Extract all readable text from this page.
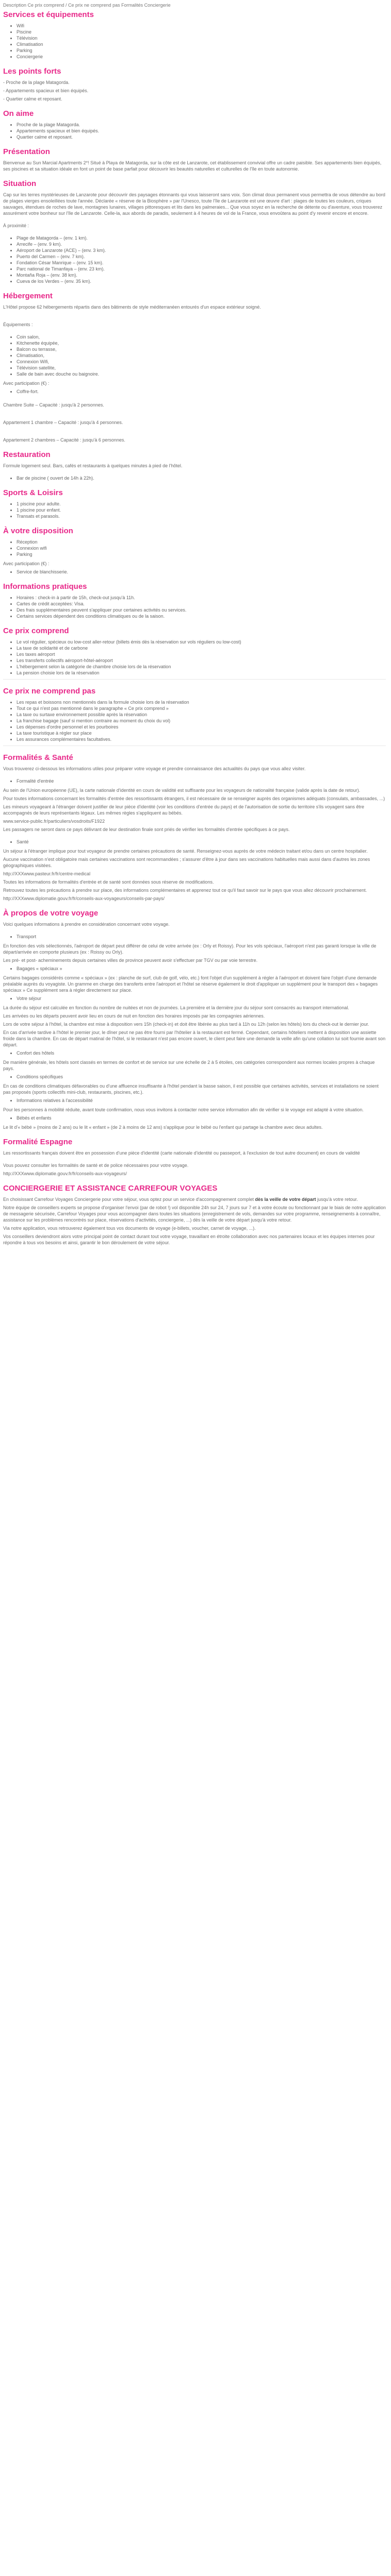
Description Ce prix comprend / Ce prix ne comprend pas Formalités Conciergerie
Services et équipements
• Wifi
• Piscine
• Télévision
• Climatisation
• Parking
• Conciergerie
Les points forts

- Proche de la plage Matagorda.

- Appartements spacieux et bien équipés.

- Quartier calme et reposant.

On aime
• Proche de la plage Matagorda.
• Appartements spacieux et bien équipés.
• Quartier calme et reposant.
Présentation

Bienvenue au Sun Marcial Apartments 2*! Situé à Playa de Matagorda, sur la côte est de Lanzarote, cet établissement convivial offre un cadre paisible. Ses appartements bien équipés, ses piscines et sa situation idéale en font un point de base parfait pour découvrir les beautés naturelles et culturelles de l'île en toute autonomie.

Situation

Cap sur les terres mystérieuses de Lanzarote pour découvrir des paysages étonnants qui vous laisseront sans voix. Son climat doux permanent vous permettra de vous détendre au bord de plages vierges ensoleillées toute l'année. Déclarée « réserve de la Biosphère » par l'Unesco, toute l'île de Lanzarote est une œuvre d'art : plages de toutes les couleurs, criques sauvages, étendues de roches de lave, montagnes lunaires, villages pittoresques et lits dans les palmeraies... Que vous soyez en la recherche de détente ou d'aventure, vous trouverez assurément votre bonheur sur l'île de Lanzarote. Celle-la, aux abords de paradis, seulement à 4 heures de vol de la France, vous envoûtera au point d'y revenir encore et encore.

À proximité :

• Plage de Matagorda – (env. 1 km).
• Arrecife – (env. 9 km).
• Aéroport de Lanzarote (ACE) – (env. 3 km).
• Puerto del Carmen – (env. 7 km).
• Fondation César Manrique – (env. 15 km).
• Parc national de Timanfaya – (env. 23 km).
• Montaña Roja – (env. 38 km).
• Cueva de los Verdes – (env. 35 km).
Hébergement

L'Hôtel propose 62 hébergements répartis dans des bâtiments de style méditerranéen entourés d'un espace extérieur soigné.

Équipements :

• Coin salon,
• Kitchenette équipée,
• Balcon ou terrasse,
• Climatisation,
• Connexion Wifi,
• Télévision satellite,
• Salle de bain avec douche ou baignoire.

Avec participation (€) :

• Coffre-fort.

Chambre Suite – Capacité : jusqu'à 2 personnes.

Appartement 1 chambre – Capacité : jusqu'à 4 personnes.

Appartement 2 chambres – Capacité : jusqu'à 6 personnes.

Restauration

Formule logement seul. Bars, cafés et restaurants à quelques minutes à pied de l'hôtel.

• Bar de piscine ( ouvert de 14h à 22h).
Sports & Loisirs
• 1 piscine pour adulte.
• 1 piscine pour enfant.
• Transats et parasols.
À votre disposition
• Réception
• Connexion wifi
• Parking

Avec participation (€) :

• Service de blanchisserie.
Informations pratiques
• Horaires : check-in à partir de 15h, check-out jusqu'à 11h.
• Cartes de crédit acceptées: Visa.
• Des frais supplémentaires peuvent s'appliquer pour certaines activités ou services.
• Certains services dépendent des conditions climatiques ou de la saison.
Ce prix comprend
• Le vol régulier, spécieux ou low-cost aller-retour (billets émis dès la réservation sur vols réguliers ou low-cost)
• La taxe de solidarité et de carbone
• Les taxes aéroport
• Les transferts collectifs aéroport-hôtel-aéroport
• L'hébergement selon la catégorie de chambre choisie lors de la réservation
• La pension choisie lors de la réservation
Ce prix ne comprend pas
• Les repas et boissons non mentionnés dans la formule choisie lors de la réservation
• Tout ce qui n'est pas mentionné dans le paragraphe « Ce prix comprend »
• La taxe ou surtaxe environnement possible après la réservation
• La franchise bagage (sauf si mention contraire au moment du choix du vol)
• Les dépenses d'ordre personnel et les pourboires
• La taxe touristique à régler sur place
• Les assurances complémentaires facultatives.
Formalités & Santé

Vous trouverez ci-dessous les informations utiles pour préparer votre voyage et prendre connaissance des actualités du pays que vous allez visiter.

• Formalité d'entrée

Au sein de l'Union européenne (UE), la carte nationale d'identité en cours de validité est suffisante pour les voyageurs de nationalité française (valide après la date de retour).

Pour toutes informations concernant les formalités d'entrée des ressortissants étrangers, il est nécessaire de se renseigner auprès des organismes adéquats (consulats, ambassades, ...)

Les mineurs voyageant à l'étranger doivent justifier de leur pièce d'identité (voir les conditions d'entrée du pays) et de l'autorisation de sortie du territoire s'ils voyagent sans être accompagnés de leurs représentants légaux. Les mêmes règles s'appliquent au bébés.

www.service-public.fr/particuliers/vosdroits/F1922

Les passagers ne seront dans ce pays délivrant de leur destination finale sont priés de vérifier les formalités d'entrée spécifiques à ce pays.

• Santé

Un séjour à l'étranger implique pour tout voyageur de prendre certaines précautions de santé. Renseignez-vous auprès de votre médecin traitant et/ou dans un centre hospitalier.

Aucune vaccination n'est obligatoire mais certaines vaccinations sont recommandées ; s'assurer d'être à jour dans ses vaccinations habituelles mais aussi dans d'autres les zones géographiques visitées.

http://XXXwww.pasteur.fr/fr/centre-medical

Toutes les informations de formalités d'entrée et de santé sont données sous réserve de modifications.

Retrouvez toutes les précautions à prendre sur place, des informations complémentaires et apprenez tout ce qu'il faut savoir sur le pays que vous allez découvrir prochainement.

http://XXXwww.diplomatie.gouv.fr/fr/conseils-aux-voyageurs/conseils-par-pays/

À propos de votre voyage

Voici quelques informations à prendre en considération concernant votre voyage.

• Transport

En fonction des vols sélectionnés, l'aéroport de départ peut différer de celui de votre arrivée (ex : Orly et Roissy). Pour les vols spéciaux, l'aéroport n'est pas garanti lorsque la ville de départ/arrivée en comporte plusieurs (ex : Roissy ou Orly).

Les pré- et post- acheminements depuis certaines villes de province peuvent avoir s'effectuer par TGV ou par voie terrestre.

• Bagages « spéciaux »

Certains bagages considérés comme « spéciaux » (ex : planche de surf, club de golf, vélo, etc.) font l'objet d'un supplément à régler à l'aéroport et doivent faire l'objet d'une demande préalable auprès du voyagiste. Un gramme en charge des transferts entre l'aéroport et l'hôtel se réserve également le droit d'appliquer un supplément pour le transport des « bagages spéciaux » Ce supplément sera à régler directement sur place.

• Votre séjour

La durée du séjour est calculée en fonction du nombre de nuitées et non de journées. La première et la dernière jour du séjour sont consacrés au transport international.

Les arrivées ou les départs peuvent avoir lieu en cours de nuit en fonction des horaires imposés par les compagnies aériennes.

Lors de votre séjour à l'hôtel, la chambre est mise à disposition vers 15h (check-in) et doit être libérée au plus tard à 11h ou 12h (selon les hôtels) lors du check-out le dernier jour.

En cas d'arrivée tardive à l'hôtel le premier jour, le dîner peut ne pas être fourni par l'hôtelier à la restaurant est fermé. Cependant, certains hôteliers mettent à disposition une assiette froide dans la chambre. En cas de départ matinal de l'hôtel, si le restaurant n'est pas encore ouvert, le client peut faire une demande la veille afin qu'une collation lui soit fournie avant son départ.

• Confort des hôtels

De manière générale, les hôtels sont classés en termes de confort et de service sur une échelle de 2 à 5 étoiles, ces catégories correspondent aux normes locales propres à chaque pays.

• Conditions spécifiques

En cas de conditions climatiques défavorables ou d'une affluence insuffisante à l'hôtel pendant la basse saison, il est possible que certaines activités, services et installations ne soient pas proposés (sports collectifs mini-club, restaurants, piscines, etc.).

• Informations relatives à l'accessibilité

Pour les personnes à mobilité réduite, avant toute confirmation, nous vous invitons à contacter notre service information afin de vérifier si le voyage est adapté à votre situation.

• Bébés et enfants

Le lit d'« bébé » (moins de 2 ans) ou le lit « enfant » (de 2 à moins de 12 ans) s'applique pour le bébé ou l'enfant qui partage la chambre avec deux adultes.

Formalité Espagne

Les ressortissants français doivent être en possession d'une pièce d'identité (carte nationale d'identité ou passeport, à l'exclusion de tout autre document) en cours de validité

Vous pouvez consulter les formalités de santé et de police nécessaires pour votre voyage.

http://XXXwww.diplomatie.gouv.fr/fr/conseils-aux-voyageurs/

CONCIERGERIE ET ASSISTANCE CARREFOUR VOYAGES

En choisissant Carrefour Voyages Conciergerie pour votre séjour, vous optez pour un service d'accompagnement complet dès la veille de votre départ jusqu'à votre retour.

Notre équipe de conseillers experts se propose d'organiser l'envoi (par de robot !) vol disponible 24h sur 24, 7 jours sur 7 et à votre écoute ou fonctionnant par le biais de notre application de messagerie sécurisée, Carrefour Voyages pour vous accompagner dans toutes les situations (enregistrement de vols, demandes sur votre programme, renseignements à connaître, assistance sur les problèmes rencontrés sur place, réservations d'activités, conciergerie, ...) dès la veille de votre départ jusqu'à votre retour.

Via notre application, vous retrouverez également tous vos documents de voyage (e-billets, voucher, carnet de voyage, ...).

Vos conseillers deviendront alors votre principal point de contact durant tout votre voyage, travaillant en étroite collaboration avec nos partenaires locaux et les équipes internes pour répondre à tous vos besoins et ainsi, garantir le bon déroulement de votre séjour.
